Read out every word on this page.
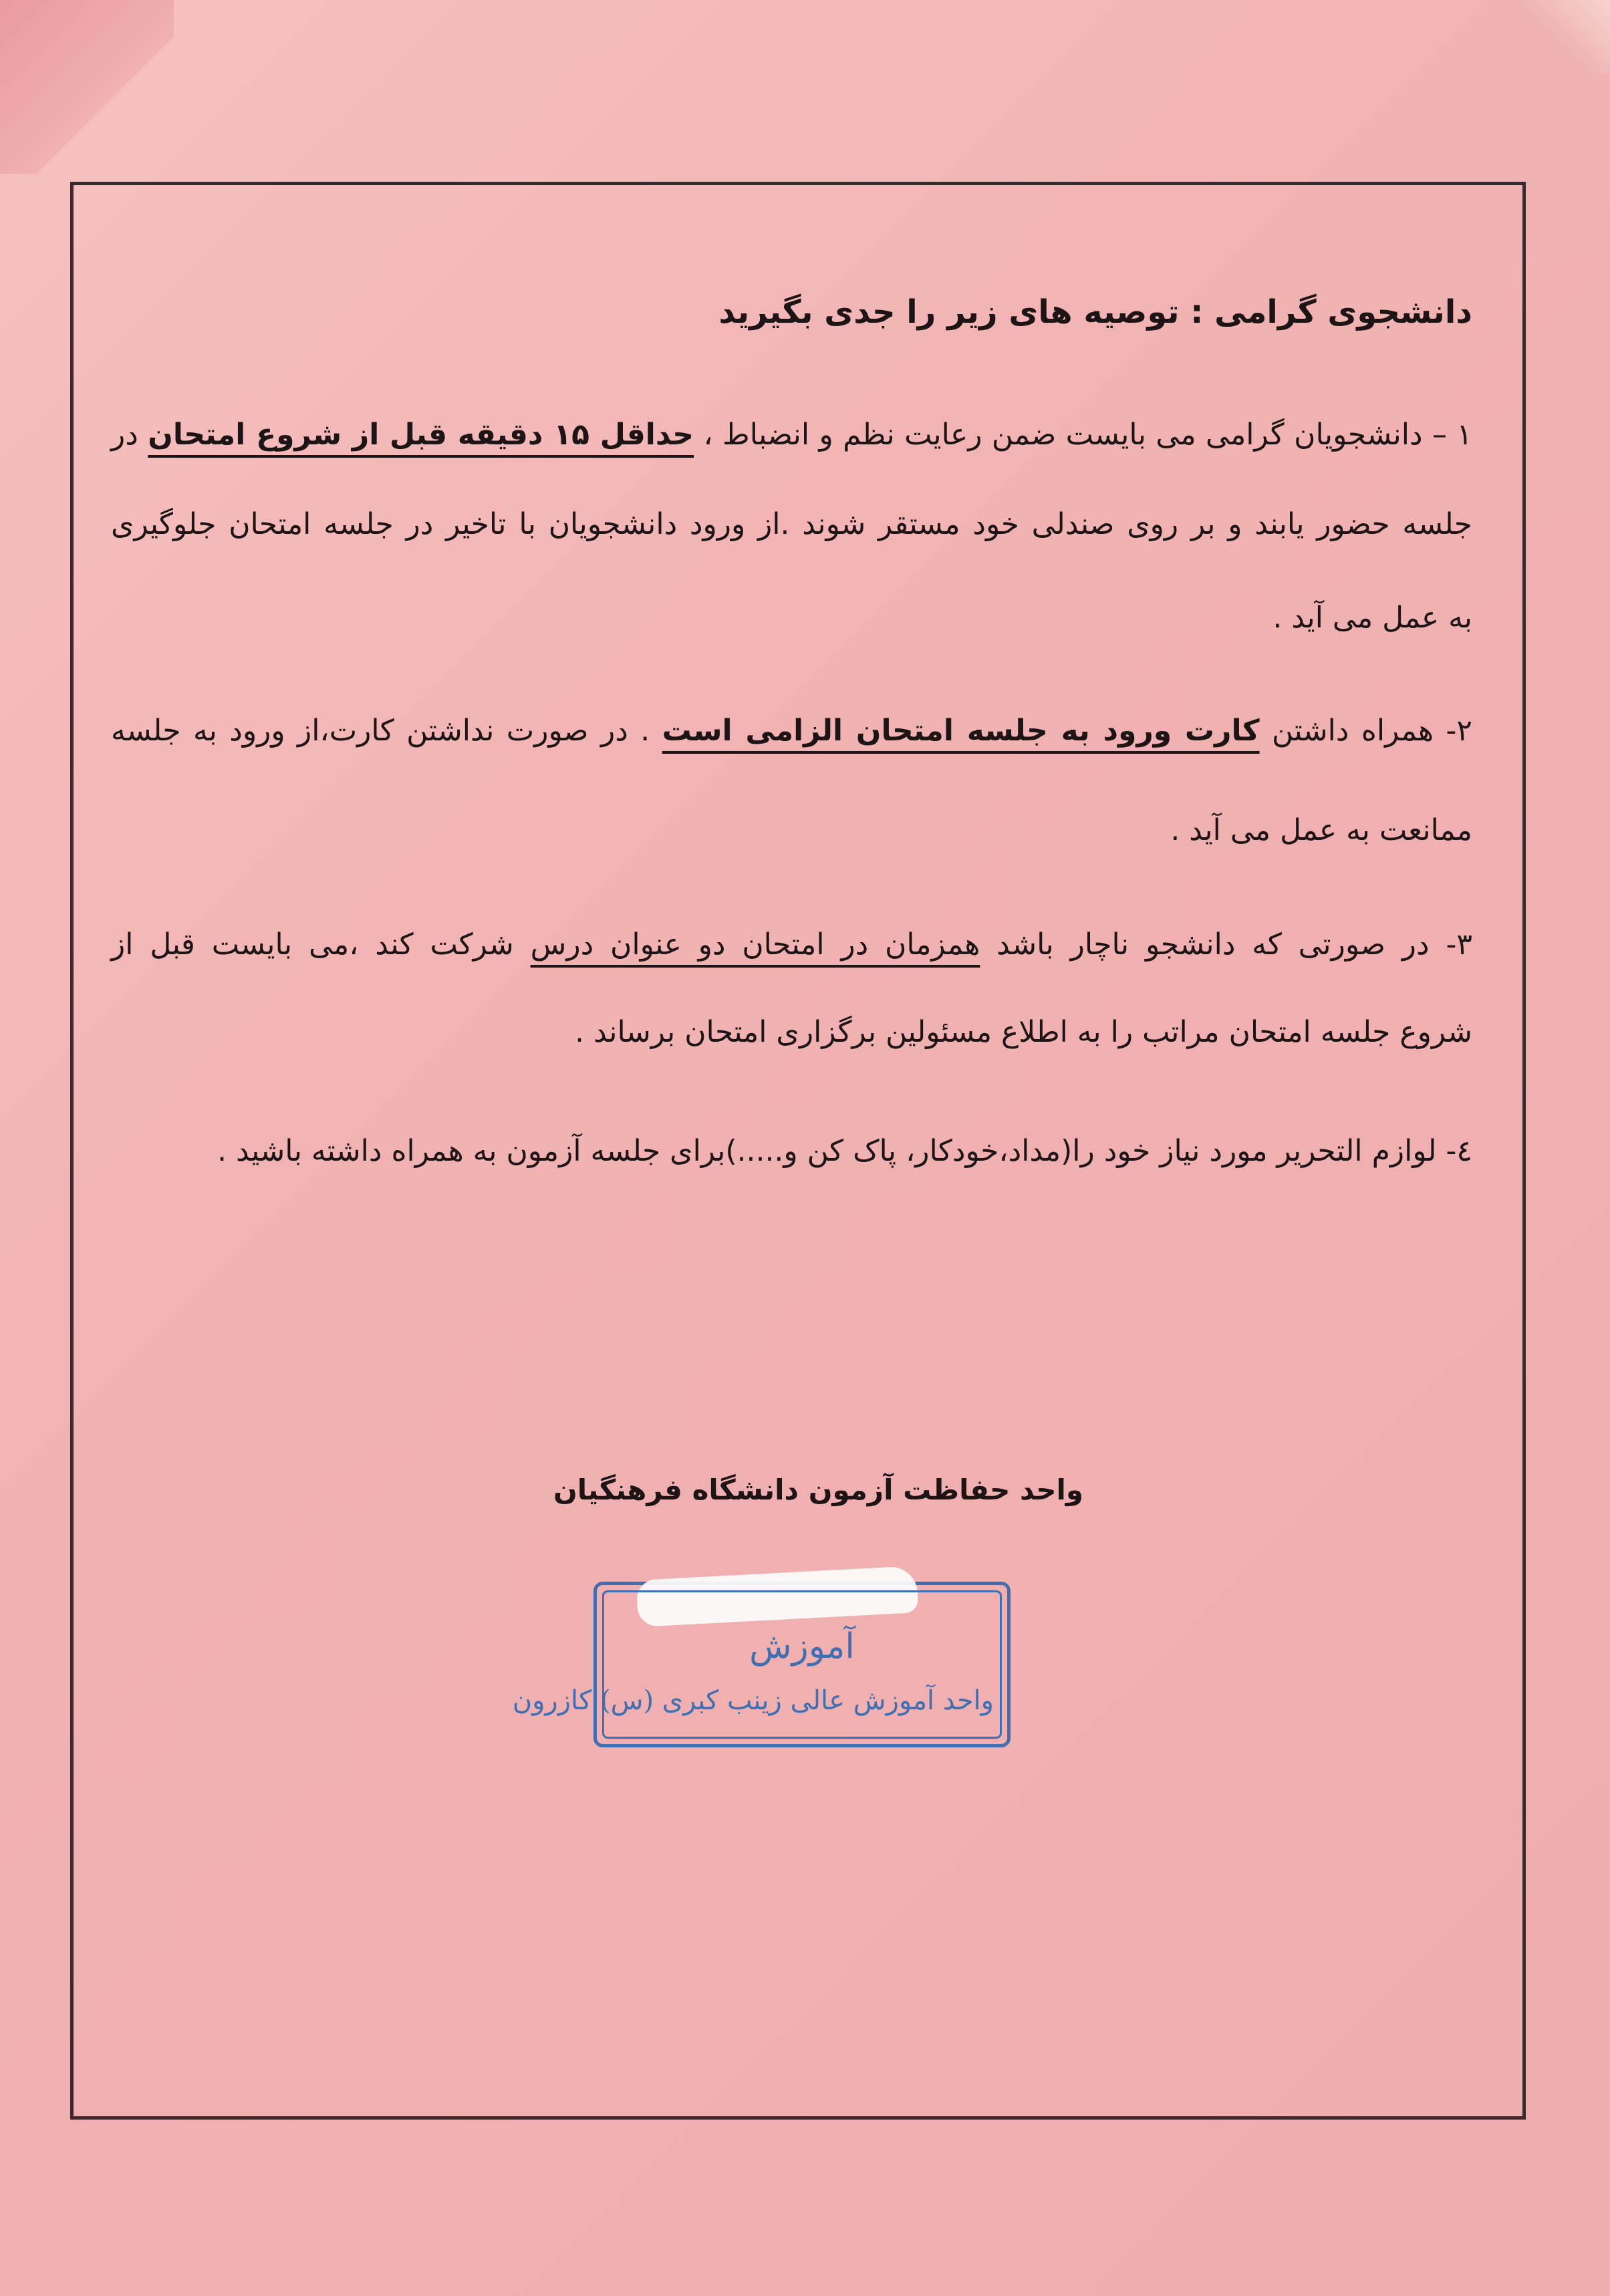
دانشجوی گرامی : توصیه های زیر را جدی بگیرید
۱ – دانشجویان گرامی می بایست ضمن رعایت نظم و انضباط ، حداقل ۱۵ دقیقه قبل از شروع امتحان در
جلسه حضور یابند و بر روی صندلی خود مستقر شوند .از ورود دانشجویان با تاخیر در جلسه امتحان جلوگیری
به عمل می آید .
۲- همراه داشتن کارت ورود به جلسه امتحان الزامی است . در صورت نداشتن کارت،از ورود به جلسه
ممانعت به عمل می آید .
۳- در صورتی که دانشجو ناچار باشد همزمان در امتحان دو عنوان درس شرکت کند ،می بایست قبل از
شروع جلسه امتحان مراتب را به اطلاع مسئولین برگزاری امتحان برساند .
٤- لوازم التحریر مورد نیاز خود را(مداد،خودکار، پاک کن و.....)برای جلسه آزمون به همراه داشته باشید .
واحد حفاظت آزمون دانشگاه فرهنگیان
آموزش
واحد آموزش عالی زینب کبری (س) کازرون
